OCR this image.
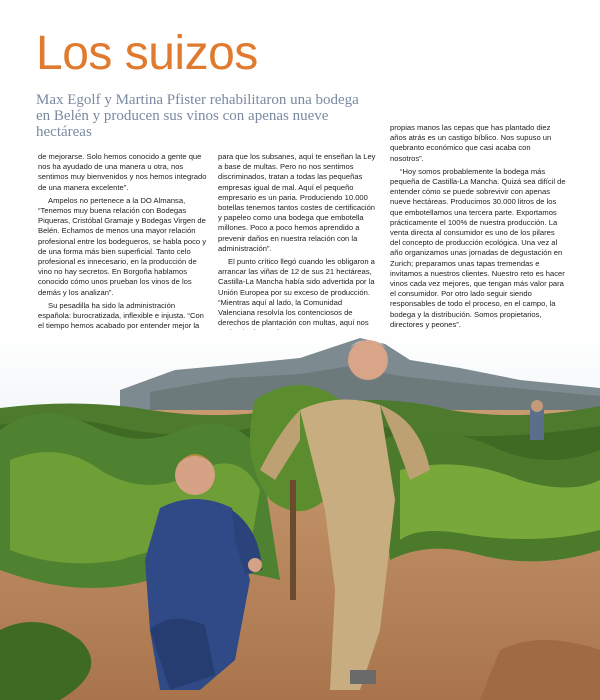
Los suizos

Max Egolf y Martina Pfister rehabilitaron una bodega en Belén y producen sus vinos con apenas nueve hectáreas

de mejorarse. Solo hemos conocido a gente que nos ha ayudado de una manera u otra, nos sentimos muy bienvenidos y nos hemos integrado de una manera excelente”.

Ampelos no pertenece a la DO Almansa, “Tenemos muy buena relación con Bodegas Piqueras, Cristóbal Gramaje y Bodegas Virgen de Belén. Echamos de menos una mayor relación profesional entre los bodegueros, se habla poco y de una forma más bien superficial. Tanto celo profesional es innecesario, en la producción de vino no hay secretos. En Borgoña hablamos conocido cómo unos prueban los vinos de los demás y los analizan”.

Su pesadilla ha sido la administración española: burocratizada, inflexible e injusta. “Con el tiempo hemos acabado por entender mejor la

para que los subsanes, aquí te enseñan la Ley a base de multas. Pero no nos sentimos discriminados, tratan a todas las pequeñas empresas igual de mal. Aquí el pequeño empresario es un paria. Produciendo 10.000 botellas tenemos tantos costes de certificación y papeleo como una bodega que embotella millones. Poco a poco hemos aprendido a prevenir daños en nuestra relación con la administración”.

El punto crítico llegó cuando les obligaron a arrancar las viñas de 12 de sus 21 hectáreas, Castilla-La Mancha había sido advertida por la Unión Europea por su exceso de producción. “Mientras aquí al lado, la Comunidad Valenciana resolvía los contenciosos de derechos de plantación con multas, aquí nos

propias manos las cepas que has plantado diez años atrás es un castigo bíblico. Nos supuso un quebranto económico que casi acaba con nosotros”.

“Hoy somos probablemente la bodega más pequeña de Castilla-La Mancha. Quizá sea difícil de entender cómo se puede sobrevivir con apenas nueve hectáreas. Producimos 30.000 litros de los que embotellamos una tercera parte. Exportamos prácticamente el 100% de nuestra producción. La venta directa al consumidor es uno de los pilares del concepto de producción ecológica. Una vez al año organizamos unas jornadas de degustación en Zurich; preparamos unas tapas tremendas e invitamos a nuestros clientes. Nuestro reto es hacer vinos cada vez mejores, que tengan más valor para el consumidor. Por otro lado seguir siendo responsables de todo el proceso, en el campo, la bodega y la distribución. Somos propietarios, directores y peones”.
